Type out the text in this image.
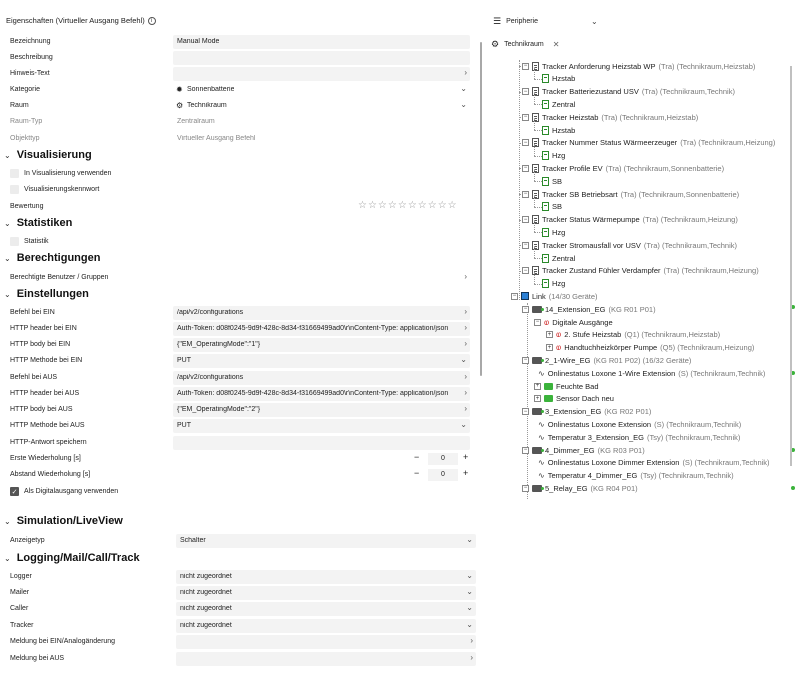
Eigenschaften (Virtueller Ausgang Befehl)	i
Bezeichnung	Manual Mode
Beschreibung
Hinweis-Text	›
Kategorie	✹ Sonnenbatterie	⌄
Raum	⚙ Technikraum	⌄
Raum-Typ	Zentralraum
Objekttyp	Virtueller Ausgang Befehl
⌄ Visualisierung
In Visualisierung verwenden
Visualisierungskennwort
Bewertung	☆☆☆☆☆☆☆☆☆☆
⌄ Statistiken
Statistik
⌄ Berechtigungen
Berechtigte Benutzer / Gruppen	›
⌄ Einstellungen
Befehl bei EIN	/api/v2/configurations	›
HTTP header bei EIN	Auth-Token: d08f0245-9d9f-428c-8d34-f31669499ad0\r\nContent-Type: application/json ›
HTTP body bei EIN	{"EM_OperatingMode":"1"}	›
HTTP Methode bei EIN	PUT	⌄
Befehl bei AUS	/api/v2/configurations	›
HTTP header bei AUS	Auth-Token: d08f0245-9d9f-428c-8d34-f31669499ad0\r\nContent-Type: application/json ›
HTTP body bei AUS	{"EM_OperatingMode":"2"}	›
HTTP Methode bei AUS	PUT	⌄
HTTP-Antwort speichern
Erste Wiederholung [s]	−	0	+
Abstand Wiederholung [s]	−	0	+
✓ Als Digitalausgang verwenden
⌄ Simulation/LiveView
Anzeigetyp	Schalter	⌄
⌄ Logging/Mail/Call/Track
Logger	nicht zugeordnet	⌄
Mailer	nicht zugeordnet	⌄
Caller	nicht zugeordnet	⌄
Tracker	nicht zugeordnet	⌄
Meldung bei EIN/Analogänderung	›
Meldung bei AUS	›
☰ Peripherie	⌄
⚙ Technikraum ✕
− Tracker Anforderung Heizstab WP (Tra) (Technikraum,Heizstab)
Hzstab
− Tracker Batteriezustand USV (Tra) (Technikraum,Technik)
Zentral
− Tracker Heizstab (Tra) (Technikraum,Heizstab)
Hzstab
− Tracker Nummer Status Wärmeerzeuger (Tra) (Technikraum,Heizung)
Hzg
− Tracker Profile EV (Tra) (Technikraum,Sonnenbatterie)
SB
− Tracker SB Betriebsart (Tra) (Technikraum,Sonnenbatterie)
SB
− Tracker Status Wärmepumpe (Tra) (Technikraum,Heizung)
Hzg
− Tracker Stromausfall vor USV (Tra) (Technikraum,Technik)
Zentral
− Tracker Zustand Fühler Verdampfer (Tra) (Technikraum,Heizung)
Hzg
− Link (14/30 Geräte)
− 14_Extension_EG (KG R01 P01)
− ⱷ Digitale Ausgänge
+ ⱷ 2. Stufe Heizstab (Q1) (Technikraum,Heizstab)
+ ⱷ Handtuchheizkörper Pumpe (Q5) (Technikraum,Heizung)
− 2_1-Wire_EG (KG R01 P02) (16/32 Geräte)
∿ Onlinestatus Loxone 1-Wire Extension (S) (Technikraum,Technik)
+ Feuchte Bad
+ Sensor Dach neu
− 3_Extension_EG (KG R02 P01)
∿ Onlinestatus Loxone Extension (S) (Technikraum,Technik)
∿ Temperatur 3_Extension_EG (Tsy) (Technikraum,Technik)
− 4_Dimmer_EG (KG R03 P01)
∿ Onlinestatus Loxone Dimmer Extension (S) (Technikraum,Technik)
∿ Temperatur 4_Dimmer_EG (Tsy) (Technikraum,Technik)
− 5_Relay_EG (KG R04 P01)
